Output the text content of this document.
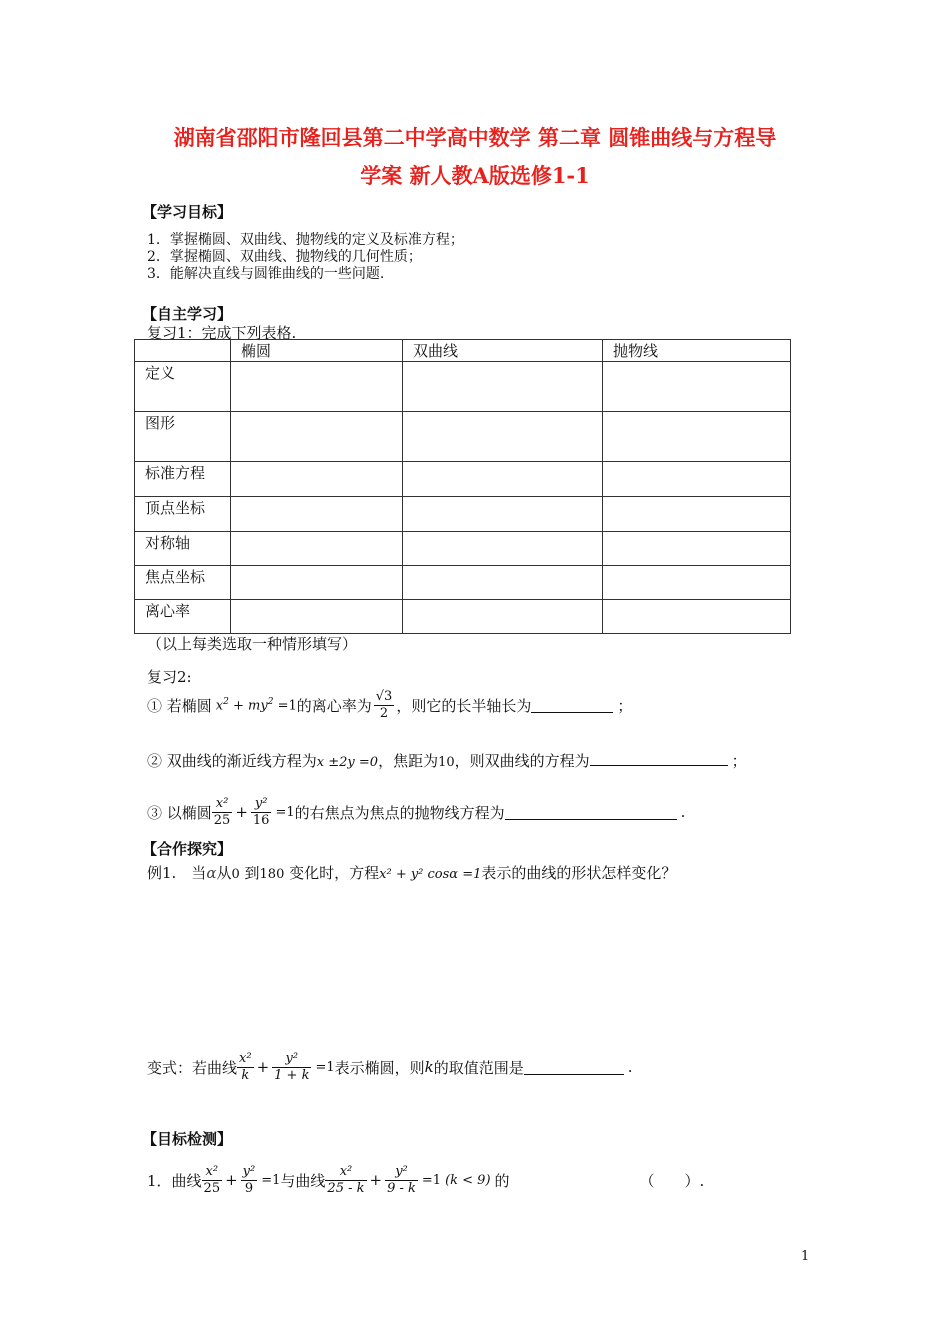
湖南省邵阳市隆回县第二中学高中数学 第二章 圆锥曲线与方程导
学案 新人教A版选修1-1
【学习目标】
1．掌握椭圆、双曲线、抛物线的定义及标准方程；
2．掌握椭圆、双曲线、抛物线的几何性质；
3．能解决直线与圆锥曲线的一些问题.
【自主学习】
复习1：完成下列表格.
	椭圆	双曲线	抛物线
定义			
图形			
标准方程			
顶点坐标			
对称轴			
焦点坐标			
离心率			
（以上每类选取一种情形填写）
复习2:
① 若椭圆 $x^2 + my^2 =1$ 的离心率为 $\frac{√3}{2}$ ，则它的长半轴长为	；
② 双曲线的渐近线方程为x ±2y =0，焦距为10，则双曲线的方程为	；
③ 以椭圆 $\frac{\text{x²}}{25} + \frac{\text{y²}}{16} =1$ 的右焦点为焦点的抛物线方程为	.
【合作探究】
例1.　当α从0 到180 变化时，方程x² + y² cosα =1表示的曲线的形状怎样变化？
变式：若曲线 $\frac{\text{x²}}{k} + \frac{\text{y²}}{1 + k} =1$ 表示椭圆，则 k 的取值范围是	.
【目标检测】
1．曲线 $\frac{\text{x²}}{25} + \frac{\text{y²}}{9} =1$ 与曲线 $\frac{\text{x²}}{25 - k} + \frac{\text{y²}}{9 - k} =1$ (k < 9) 的	（　　）.
1
